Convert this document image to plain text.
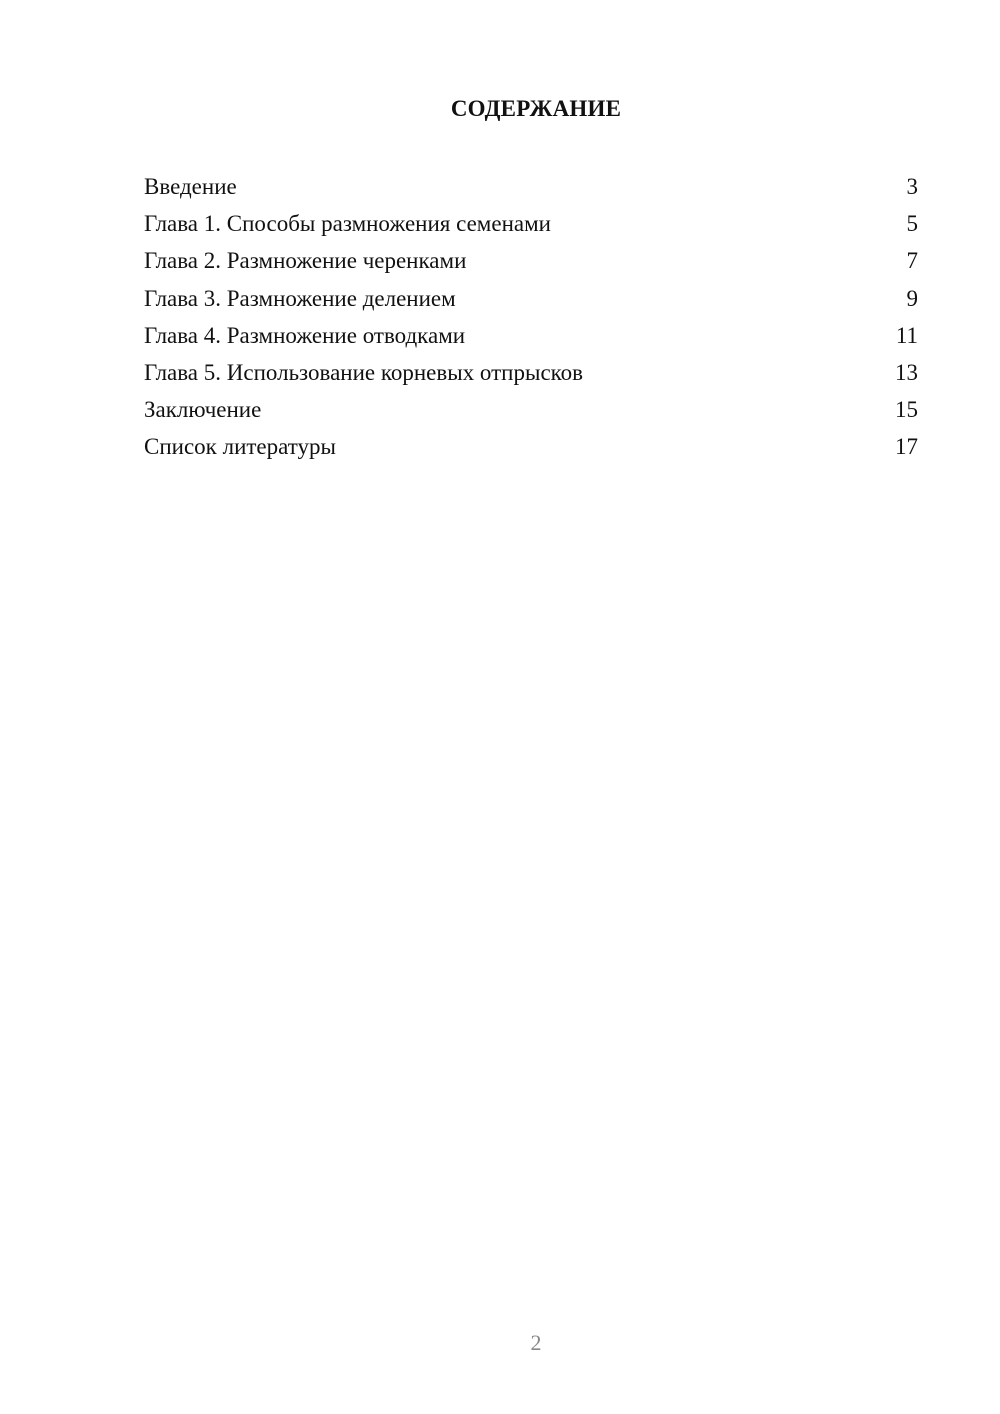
СОДЕРЖАНИЕ
Введение	3
Глава 1. Способы размножения семенами	5
Глава 2. Размножение черенками	7
Глава 3. Размножение делением	9
Глава 4. Размножение отводками	11
Глава 5. Использование корневых отпрысков	13
Заключение	15
Список литературы	17
2
